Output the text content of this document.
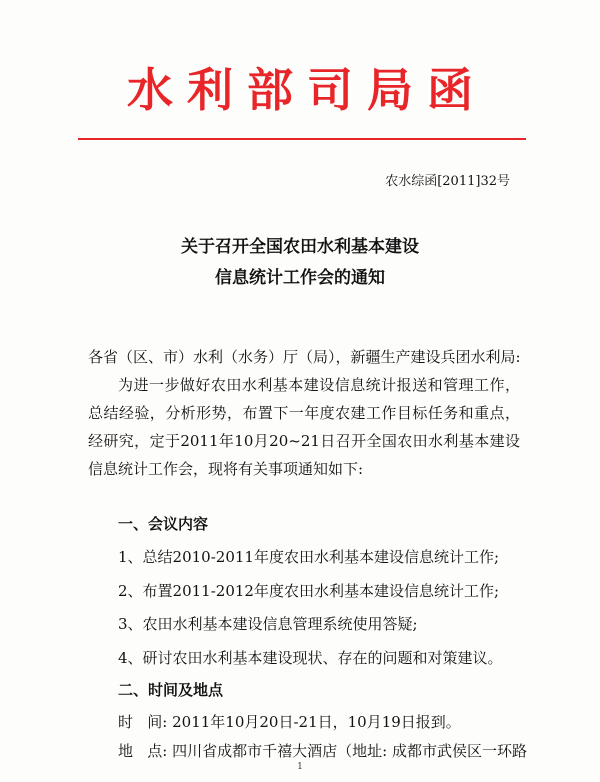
水利部司局函
农水综函[2011]32号
关于召开全国农田水利基本建设
信息统计工作会的通知
各省（区、市）水利（水务）厅（局），新疆生产建设兵团水利局:
为进一步做好农田水利基本建设信息统计报送和管理工作，总结经验，分析形势，布置下一年度农建工作目标任务和重点，经研究，定于2011年10月20~21日召开全国农田水利基本建设信息统计工作会，现将有关事项通知如下:
一、会议内容
1、总结2010-2011年度农田水利基本建设信息统计工作;
2、布置2011-2012年度农田水利基本建设信息统计工作;
3、农田水利基本建设信息管理系统使用答疑;
4、研讨农田水利基本建设现状、存在的问题和对策建议。
二、时间及地点
时   间: 2011年10月20日-21日，10月19日报到。
地   点: 四川省成都市千禧大酒店（地址: 成都市武侯区一环路
1
